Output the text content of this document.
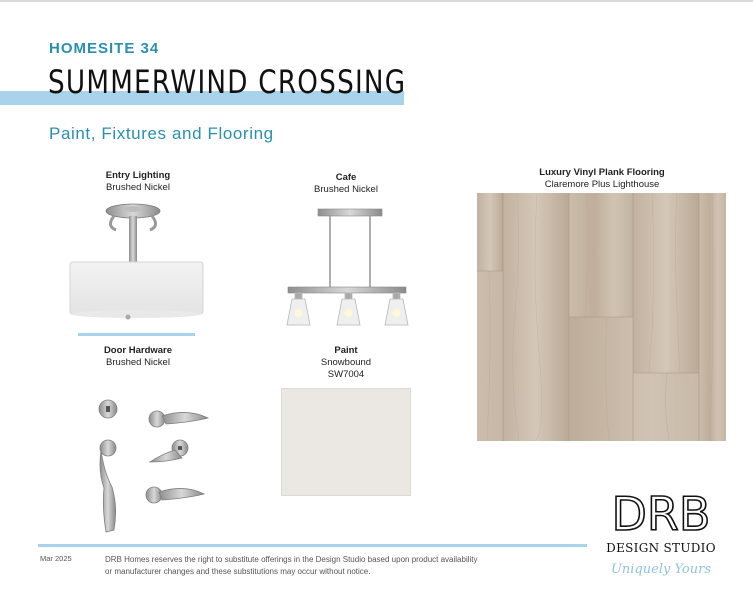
HOMESITE 34
SUMMERWIND CROSSING
Paint, Fixtures and Flooring
Entry Lighting
Brushed Nickel
Cafe
Brushed Nickel
Luxury Vinyl Plank Flooring
Claremore Plus Lighthouse
Door Hardware
Brushed Nickel
Paint
Snowbound
SW7004
Mar 2025	DRB Homes reserves the right to substitute offerings in the Design Studio based upon product availability
or manufacturer changes and these substitutions may occur without notice.
DRB
DESIGN STUDIO
Uniquely Yours
